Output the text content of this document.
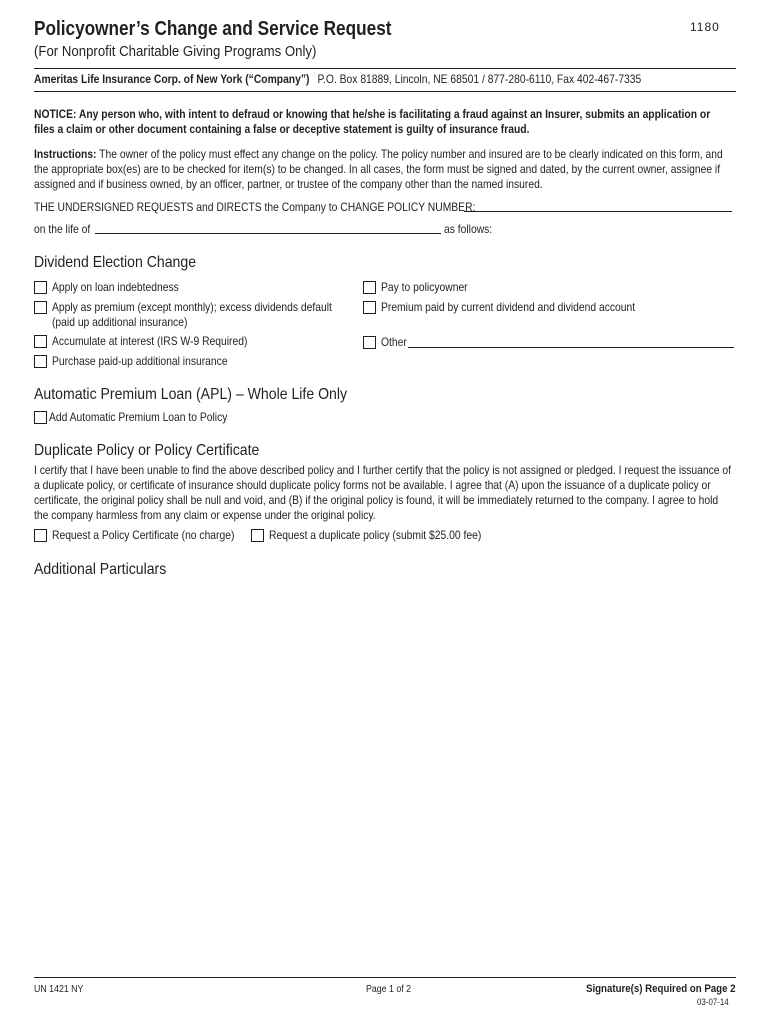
Policyowner’s Change and Service Request	1180
(For Nonprofit Charitable Giving Programs Only)
Ameritas Life Insurance Corp. of New York (“Company”) P.O. Box 81889, Lincoln, NE 68501 / 877-280-6110, Fax 402-467-7335
NOTICE: Any person who, with intent to defraud or knowing that he/she is facilitating a fraud against an Insurer, submits an application or files a claim or other document containing a false or deceptive statement is guilty of insurance fraud.
Instructions: The owner of the policy must effect any change on the policy. The policy number and insured are to be clearly indicated on this form, and the appropriate box(es) are to be checked for item(s) to be changed. In all cases, the form must be signed and dated, by the current owner, assignee if assigned and if business owned, by an officer, partner, or trustee of the company other than the named insured.
THE UNDERSIGNED REQUESTS and DIRECTS the Company to CHANGE POLICY NUMBER:
on the life of	as follows:
Dividend Election Change
Apply on loan indebtedness	Pay to policyowner
Apply as premium (except monthly); excess dividends default
(paid up additional insurance)
Premium paid by current dividend and dividend account
Accumulate at interest (IRS W-9 Required)	Other
Purchase paid-up additional insurance
Automatic Premium Loan (APL) – Whole Life Only
Add Automatic Premium Loan to Policy
Duplicate Policy or Policy Certificate
I certify that I have been unable to find the above described policy and I further certify that the policy is not assigned or pledged. I request the issuance of a duplicate policy, or certificate of insurance should duplicate policy forms not be available. I agree that (A) upon the issuance of a duplicate policy or certificate, the original policy shall be null and void, and (B) if the original policy is found, it will be immediately returned to the company. I agree to hold the company harmless from any claim or expense under the original policy.
Request a Policy Certificate (no charge)	Request a duplicate policy (submit $25.00 fee)
Additional Particulars
UN 1421 NY	Page 1 of 2	Signature(s) Required on Page 2
03-07-14
